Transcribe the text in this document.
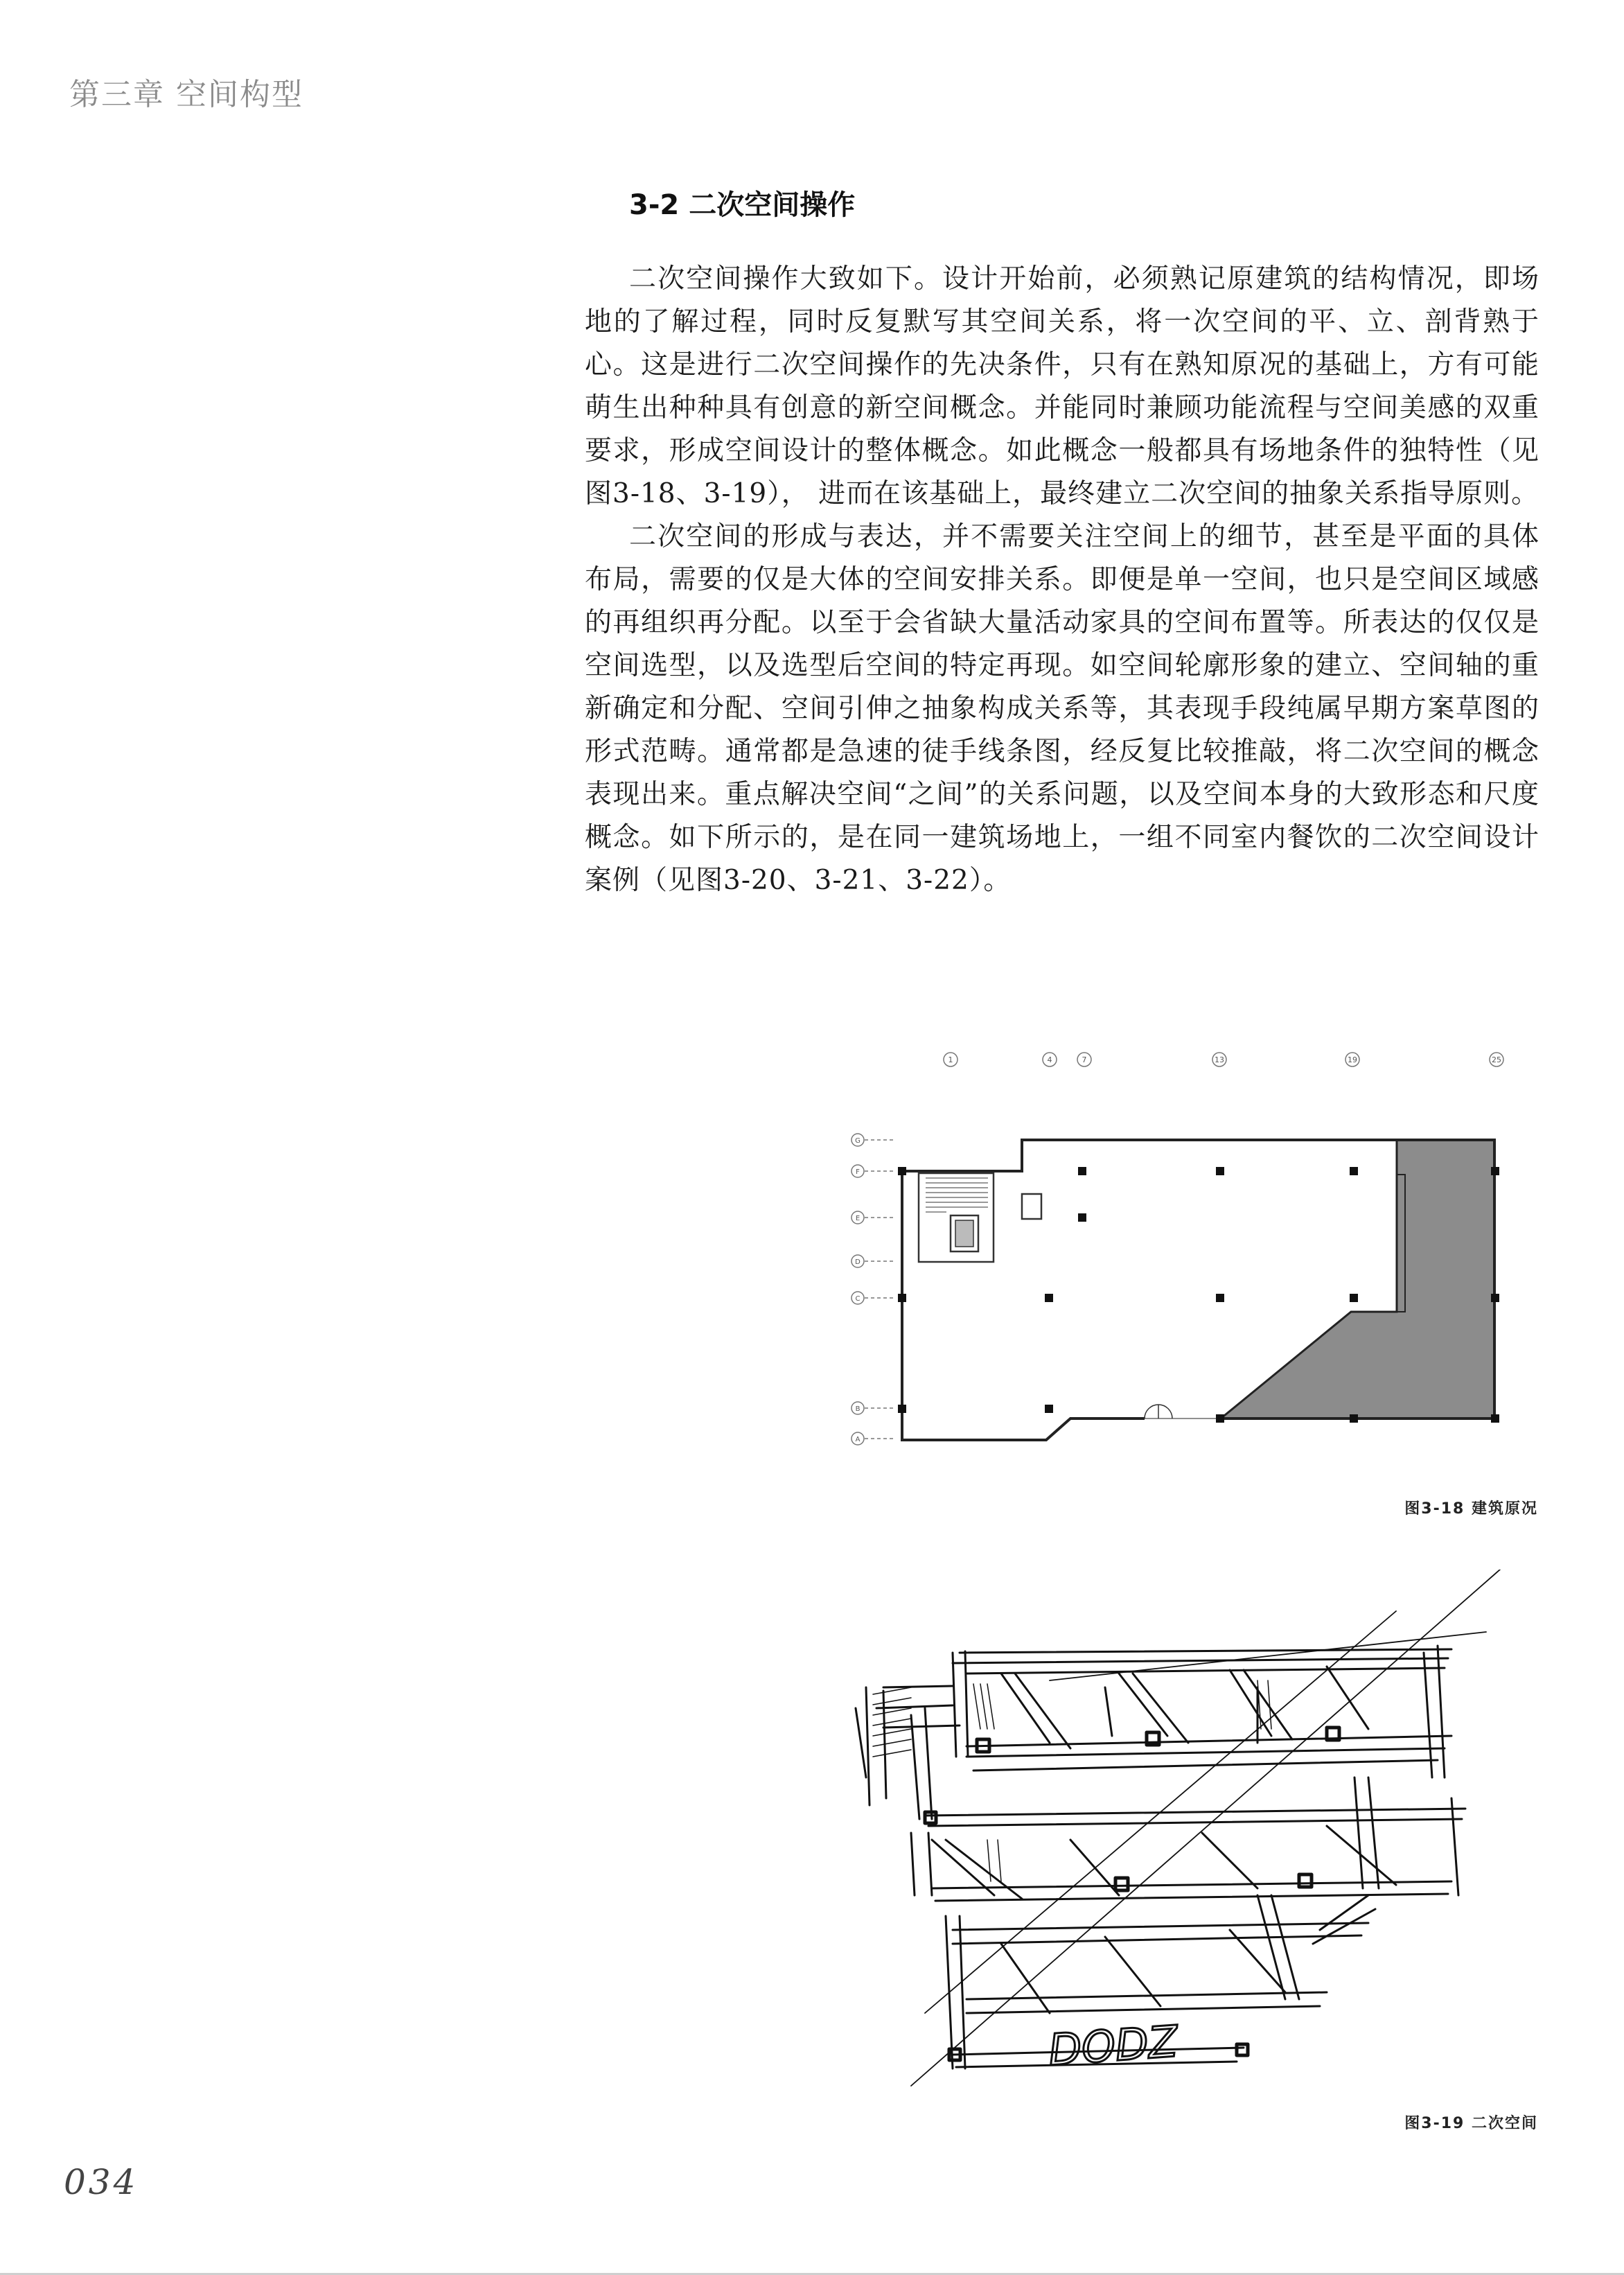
第三章 空间构型
3-2 二次空间操作

二次空间操作大致如下。设计开始前，必须熟记原建筑的结构情况，即场地的了解过程，同时反复默写其空间关系，将一次空间的平、立、剖背熟于心。这是进行二次空间操作的先决条件，只有在熟知原况的基础上，方有可能萌生出种种具有创意的新空间概念。并能同时兼顾功能流程与空间美感的双重要求，形成空间设计的整体概念。如此概念一般都具有场地条件的独特性（见图3-18、3-19）， 进而在该基础上，最终建立二次空间的抽象关系指导原则。

二次空间的形成与表达，并不需要关注空间上的细节，甚至是平面的具体布局，需要的仅是大体的空间安排关系。即便是单一空间，也只是空间区域感的再组织再分配。以至于会省缺大量活动家具的空间布置等。所表达的仅仅是空间选型，以及选型后空间的特定再现。如空间轮廓形象的建立、空间轴的重新确定和分配、空间引伸之抽象构成关系等，其表现手段纯属早期方案草图的形式范畴。通常都是急速的徒手线条图，经反复比较推敲，将二次空间的概念表现出来。重点解决空间“之间”的关系问题，以及空间本身的大致形态和尺度概念。如下所示的，是在同一建筑场地上，一组不同室内餐饮的二次空间设计案例（见图3-20、3-21、3-22）。

1	4	7	13	19	25
G
F
E
D
C
B
A
图3-18 建筑原况
DODZ
图3-19 二次空间
034
